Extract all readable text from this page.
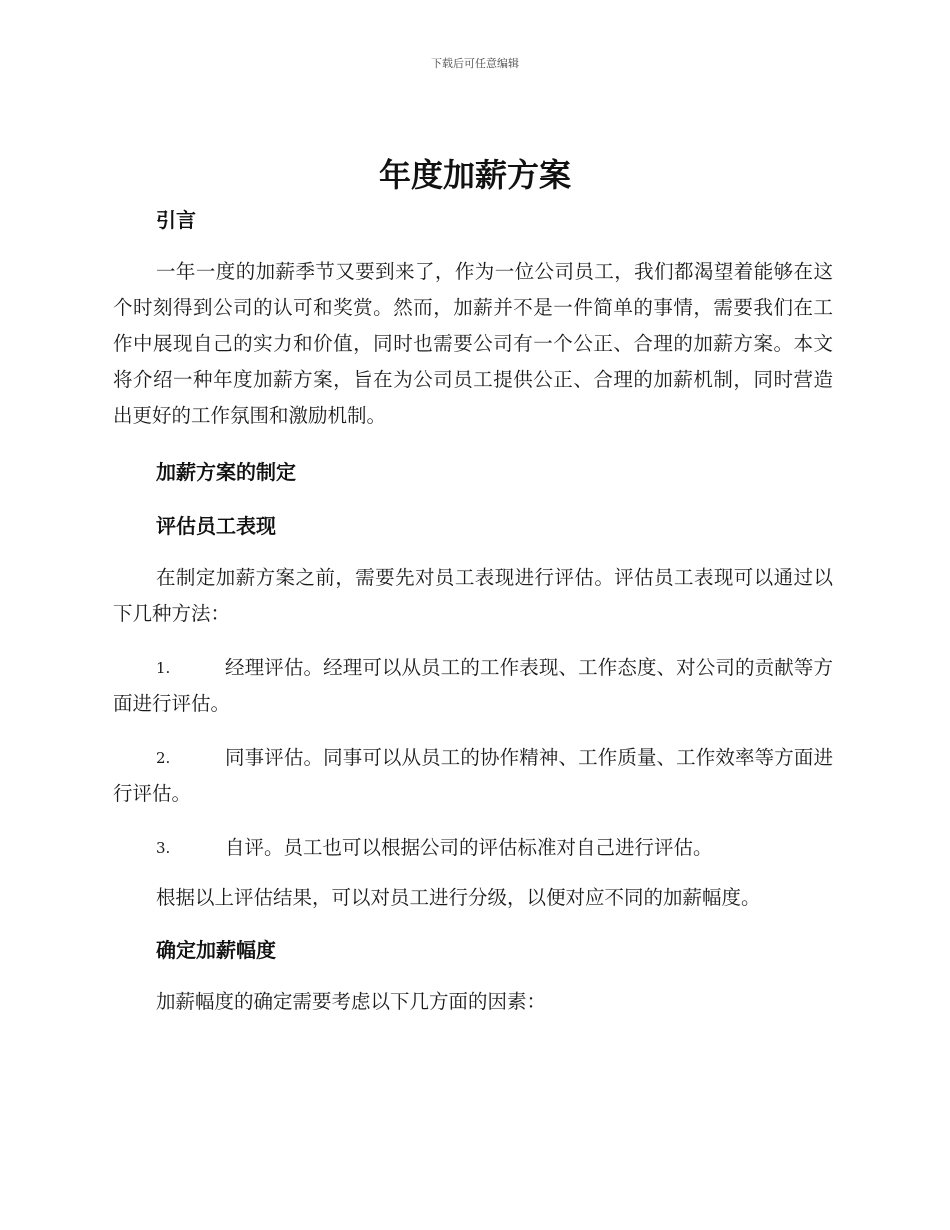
下载后可任意编辑
年度加薪方案
引言

一年一度的加薪季节又要到来了，作为一位公司员工，我们都渴望着能够在这个时刻得到公司的认可和奖赏。然而，加薪并不是一件简单的事情，需要我们在工作中展现自己的实力和价值，同时也需要公司有一个公正、合理的加薪方案。本文将介绍一种年度加薪方案，旨在为公司员工提供公正、合理的加薪机制，同时营造出更好的工作氛围和激励机制。

加薪方案的制定
评估员工表现

在制定加薪方案之前，需要先对员工表现进行评估。评估员工表现可以通过以下几种方法：

1.	经理评估。经理可以从员工的工作表现、工作态度、对公司的贡献等方面进行评估。

2.	同事评估。同事可以从员工的协作精神、工作质量、工作效率等方面进行评估。

3.	自评。员工也可以根据公司的评估标准对自己进行评估。

根据以上评估结果，可以对员工进行分级，以便对应不同的加薪幅度。

确定加薪幅度

加薪幅度的确定需要考虑以下几方面的因素：
